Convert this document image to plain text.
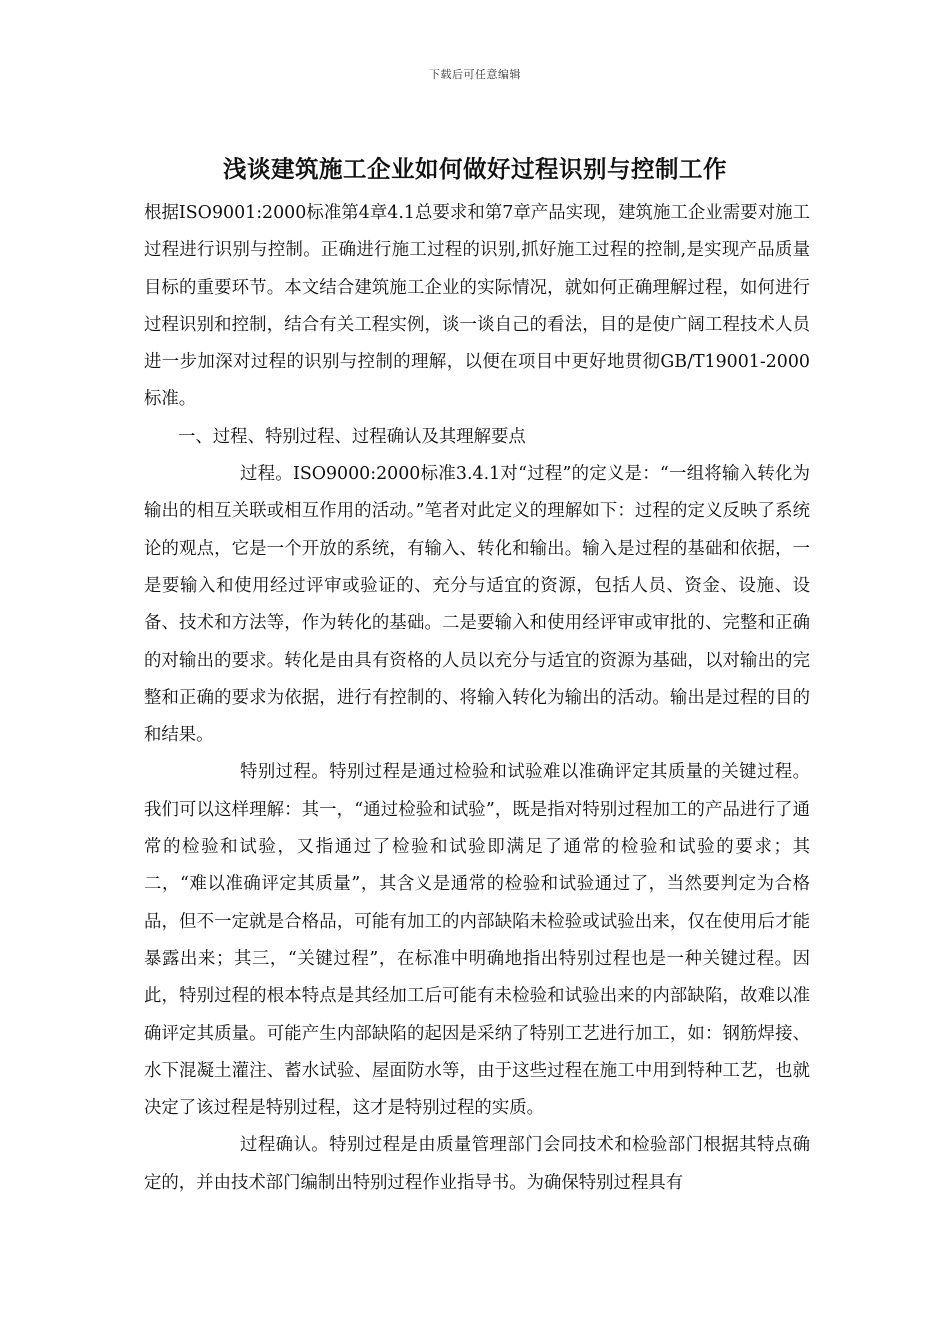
下载后可任意编辑
浅谈建筑施工企业如何做好过程识别与控制工作

根据ISO9001:2000标准第4章4.1总要求和第7章产品实现，建筑施工企业需要对施工过程进行识别与控制。正确进行施工过程的识别,抓好施工过程的控制,是实现产品质量目标的重要环节。本文结合建筑施工企业的实际情况，就如何正确理解过程，如何进行过程识别和控制，结合有关工程实例，谈一谈自己的看法，目的是使广阔工程技术人员进一步加深对过程的识别与控制的理解，以便在项目中更好地贯彻GB/T19001-2000标准。

一、过程、特别过程、过程确认及其理解要点

过程。ISO9000:2000标准3.4.1对“过程”的定义是：“一组将输入转化为输出的相互关联或相互作用的活动。”笔者对此定义的理解如下：过程的定义反映了系统论的观点，它是一个开放的系统，有输入、转化和输出。输入是过程的基础和依据，一是要输入和使用经过评审或验证的、充分与适宜的资源，包括人员、资金、设施、设备、技术和方法等，作为转化的基础。二是要输入和使用经评审或审批的、完整和正确的对输出的要求。转化是由具有资格的人员以充分与适宜的资源为基础，以对输出的完整和正确的要求为依据，进行有控制的、将输入转化为输出的活动。输出是过程的目的和结果。

特别过程。特别过程是通过检验和试验难以准确评定其质量的关键过程。我们可以这样理解：其一，“通过检验和试验”，既是指对特别过程加工的产品进行了通常的检验和试验，又指通过了检验和试验即满足了通常的检验和试验的要求；其二，“难以准确评定其质量”，其含义是通常的检验和试验通过了，当然要判定为合格品，但不一定就是合格品，可能有加工的内部缺陷未检验或试验出来，仅在使用后才能暴露出来；其三，“关键过程”，在标准中明确地指出特别过程也是一种关键过程。因此，特别过程的根本特点是其经加工后可能有未检验和试验出来的内部缺陷，故难以准确评定其质量。可能产生内部缺陷的起因是采纳了特别工艺进行加工，如：钢筋焊接、水下混凝土灌注、蓄水试验、屋面防水等，由于这些过程在施工中用到特种工艺，也就决定了该过程是特别过程，这才是特别过程的实质。

过程确认。特别过程是由质量管理部门会同技术和检验部门根据其特点确定的，并由技术部门编制出特别过程作业指导书。为确保特别过程具有
